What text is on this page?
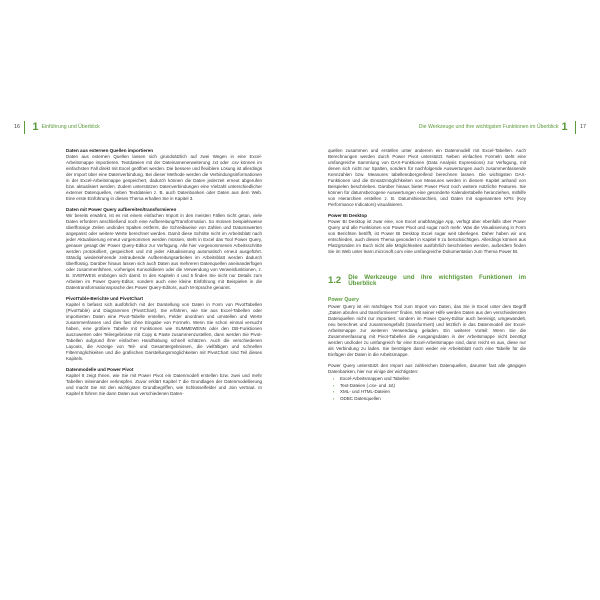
16 1 Einführung und Überblick
Daten aus externen Quellen importieren

Daten aus externen Quellen lassen sich grundsätzlich auf zwei Wegen in eine Excel-Arbeitsmappe importieren. Textdateien mit der Dateinamenerweiterung .txt oder .csv können im einfachsten Fall direkt mit Excel geöffnet werden. Die bessere und flexiblere Lösung ist allerdings der Import über eine Datenverbindung. Bei dieser Methode werden die Verbindungsinformationen in der Excel-Arbeitsmappe gespeichert, dadurch können die Daten jederzeit erneut abgerufen bzw. aktualisiert werden. Zudem unterstützen Datenverbindungen eine Vielzahl unterschiedlicher externer Datenquellen, neben Textdateien z. B. auch Datenbanken oder Daten aus dem Web. Eine erste Einführung in dieses Thema erhalten Sie in Kapitel 3.

Daten mit Power Query aufbereiten/transformieren

Wir bereits erwähnt, ist es mit einem einfachen Import in den meisten Fällen nicht getan, viele Daten erfordern anschließend noch eine Aufbereitung/Transformation. So müssen beispielsweise überflüssige Zeilen und/oder Spalten entfernt, die Schreibweise von Zahlen und Datumswerten angepasst oder weitere Werte berechnet werden. Damit diese Schritte nicht im Arbeitsblatt nach jeder Aktualisierung erneut vorgenommen werden müssen, steht in Excel das Tool Power Query, genauer gesagt der Power Query-Editor zur Verfügung. Alle hier vorgenommenen Arbeitsschritte werden protokolliert, gespeichert und mit jeder Aktualisierung automatisch erneut ausgeführt. Ständig wiederkehrende zeitraubende Aufbereitungsarbeiten im Arbeitsblatt werden dadurch überflüssig. Darüber hinaus lassen sich auch Daten aus mehreren Datenquellen aneinanderfügen oder zusammenführen, vorheriges Konsolidieren oder die Verwendung von Verweisfunktionen, z. B. SVERWEIS erübrigen sich damit. In den Kapiteln 4 und 5 finden Sie nicht nur Details zum Arbeiten im Power Query-Editor, sondern auch eine kleine Einführung mit Beispielen in die Datentransformationssprache des Power Query-Editors, auch M-Sprache genannt.

PivotTable-Berichte und PivotChart

Kapitel 6 befasst sich ausführlich mit der Darstellung von Daten in Form von PivotTabellen (PivotTable) und Diagrammen (PivotChart). Sie erfahren, wie Sie aus Excel-Tabellen oder importierten Daten eine Pivot-Tabelle erstellen, Felder anordnen und umstellen und Werte zusammenfassen und dies fast ohne Eingabe von Formeln. Wenn Sie schon einmal versucht haben, eine größere Tabelle mit Funktionen wie SUMMEWENN oder den DB-Funktionen auszuwerten oder Teilergebnisse mit Copy & Paste zusammenzustellen, dann werden Sie Pivot-Tabellen aufgrund ihrer einfachen Handhabung schnell schätzen. Auch die verschiedenen Layouts, die Anzeige von Teil- und Gesamtergebnissen, die vielfältigen und schnellen Filtermöglichkeiten und die grafischen Darstellungsmöglichkeiten mit PivotChart sind Teil dieses Kapitels.

Datenmodelle und Power Pivot

Kapitel 8 zeigt Ihnen, wie Sie mit Power Pivot ein Datenmodell erstellen bzw. zwei und mehr Tabellen miteinander verknüpfen. Zuvor erklärt Kapitel 7 die Grundlagen der Datenmodellierung und macht Sie mit den wichtigsten Grundbegriffen, wie Schlüsselfelder und Join vertraut. In Kapitel 8 führen Sie dann Daten aus verschiedenen Daten-

Die Werkzeuge und ihre wichtigsten Funktionen im Überblick 1 17

quellen zusammen und erstellen unter anderem ein Datenmodell mit Excel-Tabellen. Auch Berechnungen werden durch Power Pivot unterstützt. Neben einfachen Formeln steht eine umfangreiche Sammlung von DAX-Funktionen (Data Analysis Expressions) zur Verfügung, mit denen sich nicht nur Spalten, sondern für nachfolgende Auswertungen auch zusammenfassende Kennzahlen bzw. Measures tabellenübergreifend berechnen lassen. Die wichtigsten DAX-Funktionen und die Einsatzmöglichkeiten von Measures werden in diesem Kapitel anhand von Beispielen beschrieben. Darüber hinaus bietet Power Pivot noch weitere nützliche Features. Sie können für datumsbezogene Auswertungen eine gesonderte Kalendertabelle heranziehen, mithilfe von Hierarchien erstellen z. B. Datumshierarchien, und Daten mit sogenannten KPIs (Key Performance Indicators) visualisieren.

Power BI Desktop

Power BI Desktop ist zwar eine, von Excel unabhängige App, verfügt aber ebenfalls über Power Query und alle Funktionen von Power Pivot und sogar noch mehr. Was die Visualisierung in Form von Berichten betrifft, ist Power BI Desktop Excel sogar weit überlegen. Daher haben wir uns entschieden, auch dieses Thema gesondert in Kapitel 9 zu berücksichtigen. Allerdings können aus Platzgründen im Buch nicht alle Möglichkeiten ausführlich beschrieben werden, außerdem finden Sie im Web unter learn.microsoft.com eine umfangreiche Dokumentation zum Thema Power BI.

1.2 Die Werkzeuge und ihre wichtigsten Funktionen im Überblick
Power Query

Power Query ist ein mächtiges Tool zum Import von Daten, das Sie in Excel unter dem Begriff „Daten abrufen und transformieren“ finden. Mit seiner Hilfe werden Daten aus den verschiedensten Datenquellen nicht nur importiert, sondern im Power Query-Editor auch bereinigt, umgewandelt, neu berechnet und zusammengefaßt (transformiert) und letztlich in das Datenmodell der Excel-Arbeitsmappe zur weiteren Verwendung geladen. Ein weiterer Vorteil: Wenn Sie die Zusammenfassung mit Pivot-Tabellen die Ausgangsdaten in der Arbeitsmappe nicht benötigt werden und/oder zu umfangreich für eine Excel-Arbeitsmappe sind, dann reicht es aus, diese nur als Verbindung zu laden. Sie benötigen dann weder ein Arbeitsblatt noch eine Tabelle für die Einfügen der Daten in die Arbeitsmappe.

Power Query unterstützt den Import aus zahlreichen Datenquellen, darunter fast alle gängigen Datenbanken, hier nur einige der wichtigsten:

▪ Excel-Arbeitsmappen und Tabellen
▪ Text-Dateien (.csv- und .txt)
▪ XML- und HTML-Dateien
▪ ODBC Datenquellen
